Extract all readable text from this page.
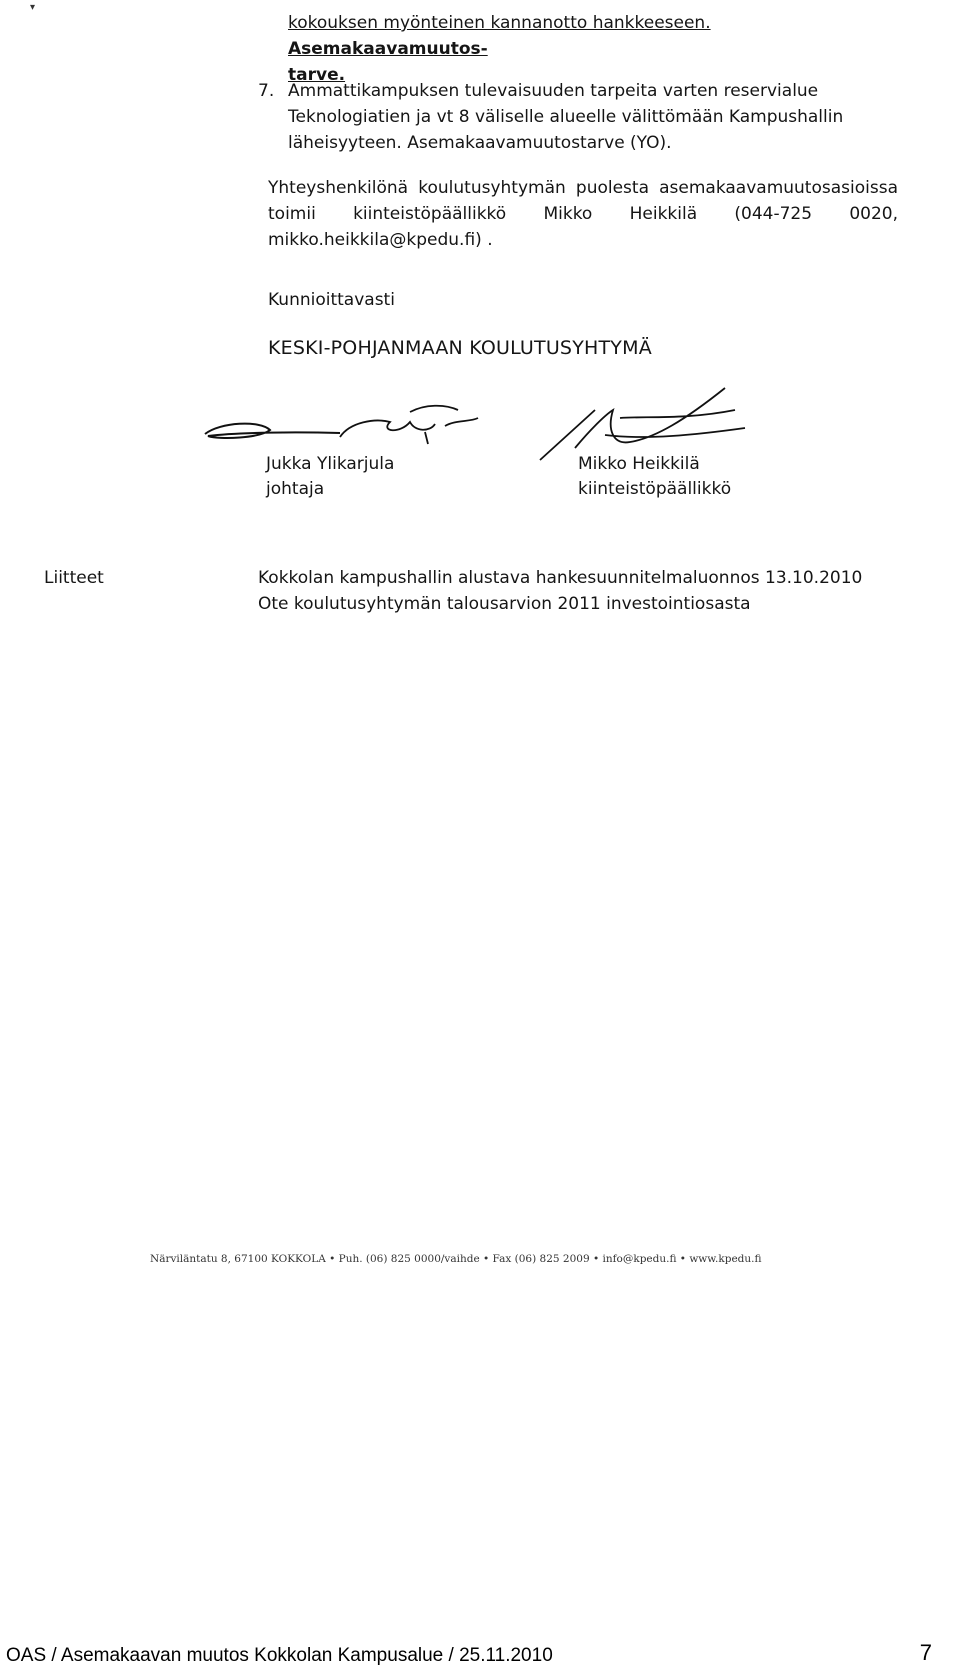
▾
kokouksen myönteinen kannanotto hankkeeseen. Asemakaavamuutos-
tarve.
7. Ammattikampuksen tulevaisuuden tarpeita varten reservialue Teknologiatien ja vt 8 väliselle alueelle välittömään Kampushallin läheisyyteen. Asemakaavamuutostarve (YO).
Yhteyshenkilönä koulutusyhtymän puolesta asemakaavamuutosasioissa toimii kiinteistöpäällikkö Mikko Heikkilä (044-725 0020, mikko.heikkila@kpedu.fi) .
Kunnioittavasti
KESKI-POHJANMAAN KOULUTUSYHTYMÄ
Jukka Ylikarjula
johtaja
Mikko Heikkilä
kiinteistöpäällikkö
Liitteet	Kokkolan kampushallin alustava hankesuunnitelmaluonnos 13.10.2010
Ote koulutusyhtymän talousarvion 2011 investointiosasta
Närviläntatu 8, 67100 KOKKOLA • Puh. (06) 825 0000/vaihde • Fax (06) 825 2009 • info@kpedu.fi • www.kpedu.fi
OAS / Asemakaavan muutos Kokkolan Kampusalue / 25.11.2010	7
